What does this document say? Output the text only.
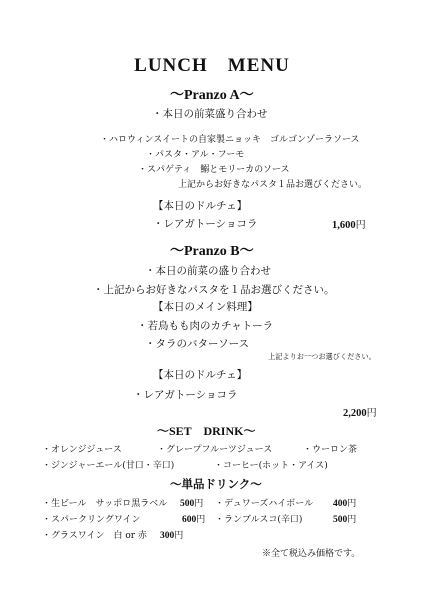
LUNCH　MENU
〜Pranzo A〜
・本日の前菜盛り合わせ
・ハロウィンスイートの自家製ニョッキ　ゴルゴンゾーラソース
・パスタ・アル・フーモ
・スパゲティ　鰯とモリーカのソース
上記からお好きなパスタ１品お選びください。
【本日のドルチェ】
・レアガトーショコラ	1,600円
〜Pranzo B〜
・本日の前菜の盛り合わせ
・上記からお好きなパスタを１品お選びください。
【本日のメイン料理】
・若鳥もも肉のカチャトーラ
・タラのバターソース
上記よりお一つお選びください。
【本日のドルチェ】
・レアガトーショコラ
2,200円
〜SET　DRINK〜
・オレンジジュース	・グレープフルーツジュース	・ウーロン茶
・ジンジャーエール(甘口・辛口)	・コーヒー(ホット・アイス)
〜単品ドリンク〜
・生ビール　サッポロ黒ラベル 500円 ・デュワーズハイボール 400円
・スパークリングワイン	600円 ・ランブルスコ(辛口)	500円
・グラスワイン　白 or 赤 300円
※全て税込み価格です。
